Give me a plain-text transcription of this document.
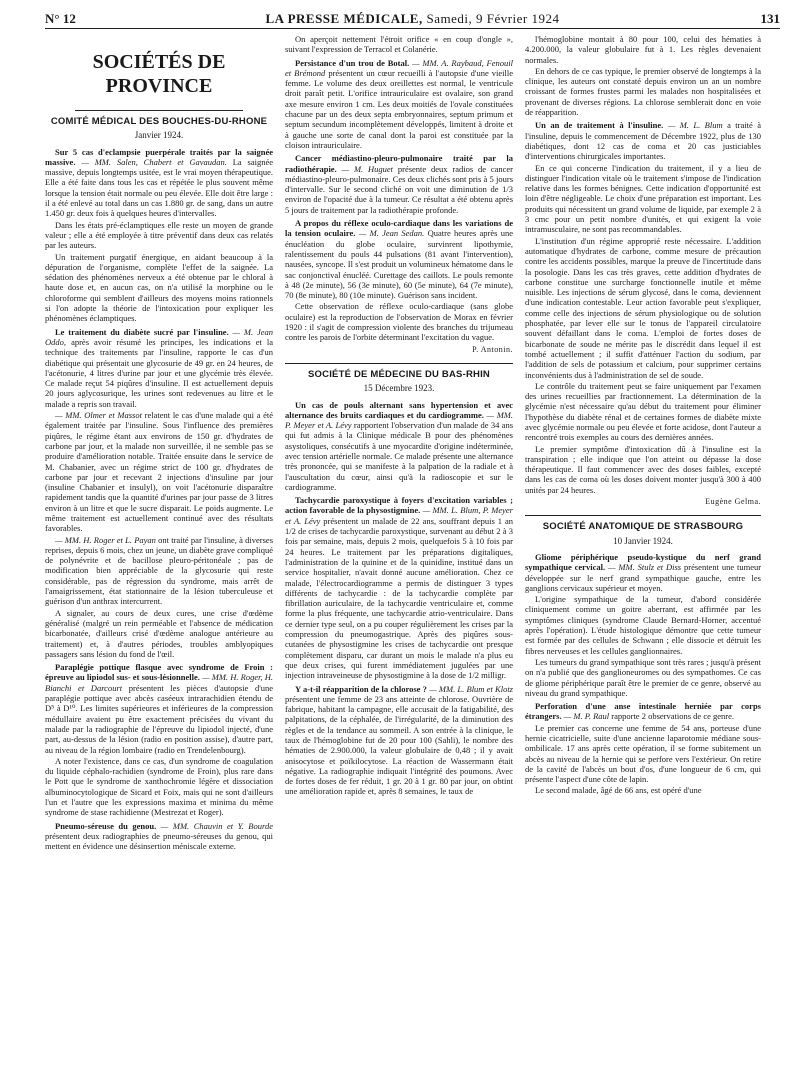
N° 12	LA PRESSE MÉDICALE, Samedi, 9 Février 1924	131
SOCIÉTÉS DE PROVINCE
COMITÉ MÉDICAL DES BOUCHES-DU-RHONE
Janvier 1924.

Sur 5 cas d'eclampsie puerpérale traités par la saignée massive. — MM. Salen, Chabert et Gavaudan. La saignée massive, depuis longtemps usitée, est le vrai moyen thérapeutique. Elle a été faite dans tous les cas et répétée le plus souvent même lorsque la tension était normale ou peu élevée. Elle doit être large : il a été enlevé au total dans un cas 1.880 gr. de sang, dans un autre 1.450 gr. deux fois à quelques heures d'intervalles.

Dans les états pré-éclamptiques elle reste un moyen de grande valeur ; elle a été employée à titre préventif dans deux cas relatés par les auteurs.

Un traitement purgatif énergique, en aidant beaucoup à la dépuration de l'organisme, complète l'effet de la saignée. La sédation des phénomènes nerveux a été obtenue par le chloral à haute dose et, en aucun cas, on n'a utilisé la morphine ou le chloroforme qui semblent d'ailleurs des moyens moins rationnels si l'on adopte la théorie de l'intoxication pour expliquer les phénomènes éclamptiques.

Le traitement du diabète sucré par l'insuline. — M. Jean Oddo, après avoir résumé les principes, les indications et la technique des traitements par l'insuline, rapporte le cas d'un diabétique qui présentait une glycosurie de 49 gr. en 24 heures, de l'acétonurie, 4 litres d'urine par jour et une glycémie très élevée. Ce malade reçut 54 piqûres d'insuline. Il est actuellement depuis 20 jours aglycosurique, les urines sont redevenues au litre et le malade a repris son travail.

— MM. Olmer et Massot relatent le cas d'une malade qui a été également traitée par l'insuline. Sous l'influence des premières piqûres, le régime étant aux environs de 150 gr. d'hydrates de carbone par jour, et la malade non surveillée, il ne semble pas se produire d'amélioration notable. Traitée ensuite dans le service de M. Chabanier, avec un régime strict de 100 gr. d'hydrates de carbone par jour et recevant 2 injections d'insuline par jour (insuline Chabanier et insulyl), on voit l'acétonurie disparaître rapidement tandis que la quantité d'urines par jour passe de 3 litres environ à un litre et que le sucre disparait. Le poids augmente. Le même traitement est actuellement continué avec des résultats favorables.

— MM. H. Roger et L. Payan ont traité par l'insuline, à diverses reprises, depuis 6 mois, chez un jeune, un diabète grave compliqué de polynévrite et de bacillose pleuro-péritonéale ; pas de modification bien appréciable de la glycosurie qui reste considérable, pas de régression du syndrome, mais arrêt de l'amaigrissement, état stationnaire de la lésion tuberculeuse et guérison d'un anthrax intercurrent.

A signaler, au cours de deux cures, une crise d'œdème généralisé (malgré un rein perméable et l'absence de médication bicarbonatée, d'ailleurs crisé d'œdème analogue antérieure au traitement) et, à d'autres périodes, troubles amblyopiques passagers sans lésion du fond de l'œil.

Paraplégie pottique flasque avec syndrome de Froin : épreuve au lipiodol sus- et sous-lésionnelle. — MM. H. Roger, H. Bianchi et Darcourt présentent les pièces d'autopsie d'une paraplégie pottique avec abcès caséeux intrarachidien étendu de D⁵ à D¹⁰. Les limites supérieures et inférieures de la compression médullaire avaient pu être exactement précisées du vivant du malade par la radiographie de l'épreuve du lipiodol injecté, d'une part, au-dessus de la lésion (radio en position assise), d'autre part, au niveau de la région lombaire (radio en Trendelenbourg).

A noter l'existence, dans ce cas, d'un syndrome de coagulation du liquide céphalo-rachidien (syndrome de Froin), plus rare dans le Pott que le syndrome de xanthochromie légère et dissociation albuminocytologique de Sicard et Foix, mais qui ne sont d'ailleurs l'un et l'autre que les expressions maxima et minima du même syndrome de stase rachidienne (Mestrezat et Roger).

Pneumo-séreuse du genou. — MM. Chauvin et Y. Bourde présentent deux radiographies de pneumo-séreuses du genou, qui mettent en évidence une désinsertion méniscale externe.

On aperçoit nettement l'étroit orifice « en coup d'ongle », suivant l'expression de Terracol et Colanérie.

Persistance d'un trou de Botal. — MM. A. Raybaud, Fenouil et Brémond présentent un cœur recueilli à l'autopsie d'une vieille femme. Le volume des deux oreillettes est normal, le ventricule droit paraît petit. L'orifice intrauriculaire est ovalaire, son grand axe mesure environ 1 cm. Les deux moitiés de l'ovale constituées chacune par un des deux septa embryonnaires, septum primum et septum secundum incomplètement développés, limitent à droite et à gauche une sorte de canal dont la paroi est constituée par la cloison intrauriculaire.

Cancer médiastino-pleuro-pulmonaire traité par la radiothérapie. — M. Huguet présente deux radios de cancer médiastino-pleuro-pulmonaire. Ces deux clichés sont pris à 5 jours d'intervalle. Sur le second cliché on voit une diminution de 1/3 environ de l'opacité due à la tumeur. Ce résultat a été obtenu après 5 jours de traitement par la radiothérapie profonde.

A propos du réflexe oculo-cardiaque dans les variations de la tension oculaire. — M. Jean Sedan. Quatre heures après une énucléation du globe oculaire, survinrent lipothymie, ralentissement du pouls 44 pulsations (81 avant l'intervention), nausées, syncope. Il s'est produit un volumineux hématome dans le sac conjonctival énucléé. Curettage des caillots. Le pouls remonte à 48 (2e minute), 56 (3e minute), 60 (5e minute), 64 (7e minute), 70 (8e minute), 80 (10e minute). Guérison sans incident.

Cette observation de réflexe oculo-cardiaque (sans globe oculaire) est la reproduction de l'observation de Morax en février 1920 : il s'agit de compression violente des branches du trijumeau contre les parois de l'orbite déterminant l'excitation du vague.

P. Antonin.
SOCIÉTÉ DE MÉDECINE DU BAS-RHIN
15 Décembre 1923.

Un cas de pouls alternant sans hypertension et avec alternance des bruits cardiaques et du cardiogramme. — MM. P. Meyer et A. Lévy rapportent l'observation d'un malade de 34 ans qui fut admis à la Clinique médicale B pour des phénomènes asystoliques, consécutifs à une myocardite d'origine indéterminée, avec tension artérielle normale. Ce malade présente une alternance très prononcée, qui se manifeste à la palpation de la radiale et à l'auscultation du cœur, ainsi qu'à la radioscopie et sur le cardiogramme.

Tachycardie paroxystique à foyers d'excitation variables ; action favorable de la physostigmine. — MM. L. Blum, P. Meyer et A. Lévy présentent un malade de 22 ans, souffrant depuis 1 an 1/2 de crises de tachycardie paroxystique, survenant au début 2 à 3 fois par semaine, mais, depuis 2 mois, quelquefois 5 à 10 fois par 24 heures. Le traitement par les préparations digitaliques, l'administration de la quinine et de la quinidine, institué dans un service hospitalier, n'avait donné aucune amélioration. Chez ce malade, l'électrocardiogramme a permis de distinguer 3 types différents de tachycardie : de la tachycardie complète par fibrillation auriculaire, de la tachycardie ventriculaire et, comme forme la plus fréquente, une tachycardie atrio-ventriculaire. Dans ce dernier type seul, on a pu couper régulièrement les crises par la compression du pneumogastrique. Après des piqûres sous-cutanées de physostigmine les crises de tachycardie ont presque complètement disparu, car durant un mois le malade n'a plus eu que deux crises, qui furent immédiatement jugulées par une injection intraveineuse de physostigmine à la dose de 1/2 milligr.

Y a-t-il réapparition de la chlorose ? — MM. L. Blum et Klotz présentent une femme de 23 ans atteinte de chlorose. Ouvrière de fabrique, habitant la campagne, elle accusait de la fatigabilité, des palpitations, de la céphalée, de l'irrégularité, de la diminution des règles et de la tendance au sommeil. A son entrée à la clinique, le taux de l'hémoglobine fut de 20 pour 100 (Sahli), le nombre des hématies de 2.900.000, la valeur globulaire de 0,48 ; il y avait anisocytose et poïkilocytose. La réaction de Wassermann était négative. La radiographie indiquait l'intégrité des poumons. Avec de fortes doses de fer réduit, 1 gr. 20 à 1 gr. 80 par jour, on obtint une amélioration rapide et, après 8 semaines, le taux de

l'hémoglobine montait à 80 pour 100, celui des hématies à 4.200.000, la valeur globulaire fut à 1. Les règles devenaient normales.

En dehors de ce cas typique, le premier observé de longtemps à la clinique, les auteurs ont constaté depuis environ un an un nombre croissant de formes frustes parmi les malades non hospitalisées et provenant de diverses régions. La chlorose semblerait donc en voie de réapparition.

Un an de traitement à l'insuline. — M. L. Blum a traité à l'insuline, depuis le commencement de Décembre 1922, plus de 130 diabétiques, dont 12 cas de coma et 20 cas justiciables d'interventions chirurgicales importantes.

En ce qui concerne l'indication du traitement, il y a lieu de distinguer l'indication vitale où le traitement s'impose de l'indication relative dans les formes bénignes. Cette indication d'opportunité est loin d'être négligeable. Le choix d'une préparation est important. Les produits qui nécessitent un grand volume de liquide, par exemple 2 à 3 cmc pour un petit nombre d'unités, et qui exigent la voie intramusculaire, ne sont pas recommandables.

L'institution d'un régime approprié reste nécessaire. L'addition automatique d'hydrates de carbone, comme mesure de précaution contre les accidents possibles, marque la preuve de l'incertitude dans la posologie. Dans les cas très graves, cette addition d'hydrates de carbone constitue une surcharge fonctionnelle inutile et même nuisible. Les injections de sérum glycosé, dans le coma, deviennent d'une indication contestable. Leur action favorable peut s'expliquer, comme celle des injections de sérum physiologique ou de solution phosphatée, par lever elle sur le tonus de l'appareil circulatoire souvent défaillant dans le coma. L'emploi de fortes doses de bicarbonate de soude ne mérite pas le discrédit dans lequel il est tombé actuellement ; il suffit d'atténuer l'action du sodium, par l'addition de sels de potassium et calcium, pour supprimer certains inconvénients dus à l'administration de sel de soude.

Le contrôle du traitement peut se faire uniquement par l'examen des urines recueillies par fractionnement. La détermination de la glycémie n'est nécessaire qu'au début du traitement pour éliminer l'hypothèse du diabète rénal et de certaines formes de diabète mixte avec glycémie normale ou peu élevée et forte acidose, dont l'auteur a rencontré trois exemples au cours des dernières années.

Le premier symptôme d'intoxication dû à l'insuline est la transpiration ; elle indique que l'on atteint ou dépasse la dose thérapeutique. Il faut commencer avec des doses faibles, excepté dans les cas de coma où les doses doivent monter jusqu'à 300 à 400 unités par 24 heures.

Eugène Gelma.
SOCIÉTÉ ANATOMIQUE DE STRASBOURG
10 Janvier 1924.

Gliome périphérique pseudo-kystique du nerf grand sympathique cervical. — MM. Stulz et Diss présentent une tumeur développée sur le nerf grand sympathique gauche, entre les ganglions cervicaux supérieur et moyen.

L'origine sympathique de la tumeur, d'abord considérée cliniquement comme un goitre aberrant, est affirmée par les symptômes cliniques (syndrome Claude Bernard-Horner, accentué après l'opération). L'étude histologique démontre que cette tumeur est formée par des cellules de Schwann ; elle dissocie et détruit les fibres nerveuses et les cellules ganglionnaires.

Les tumeurs du grand sympathique sont très rares ; jusqu'à présent on n'a publié que des ganglioneuromes ou des sympathomes. Ce cas de gliome périphérique paraît être le premier de ce genre, observé au niveau du grand sympathique.

Perforation d'une anse intestinale herniée par corps étrangers. — M. P. Raul rapporte 2 observations de ce genre.

Le premier cas concerne une femme de 54 ans, porteuse d'une hernie cicatricielle, suite d'une ancienne laparotomie médiane sous-ombilicale. 17 ans après cette opération, il se forme subitement un abcès au niveau de la hernie qui se perfore vers l'extérieur. On retire de la cavité de l'abcès un bout d'os, d'une longueur de 6 cm, qui présente l'aspect d'une côte de lapin.

Le second malade, âgé de 66 ans, est opéré d'une
